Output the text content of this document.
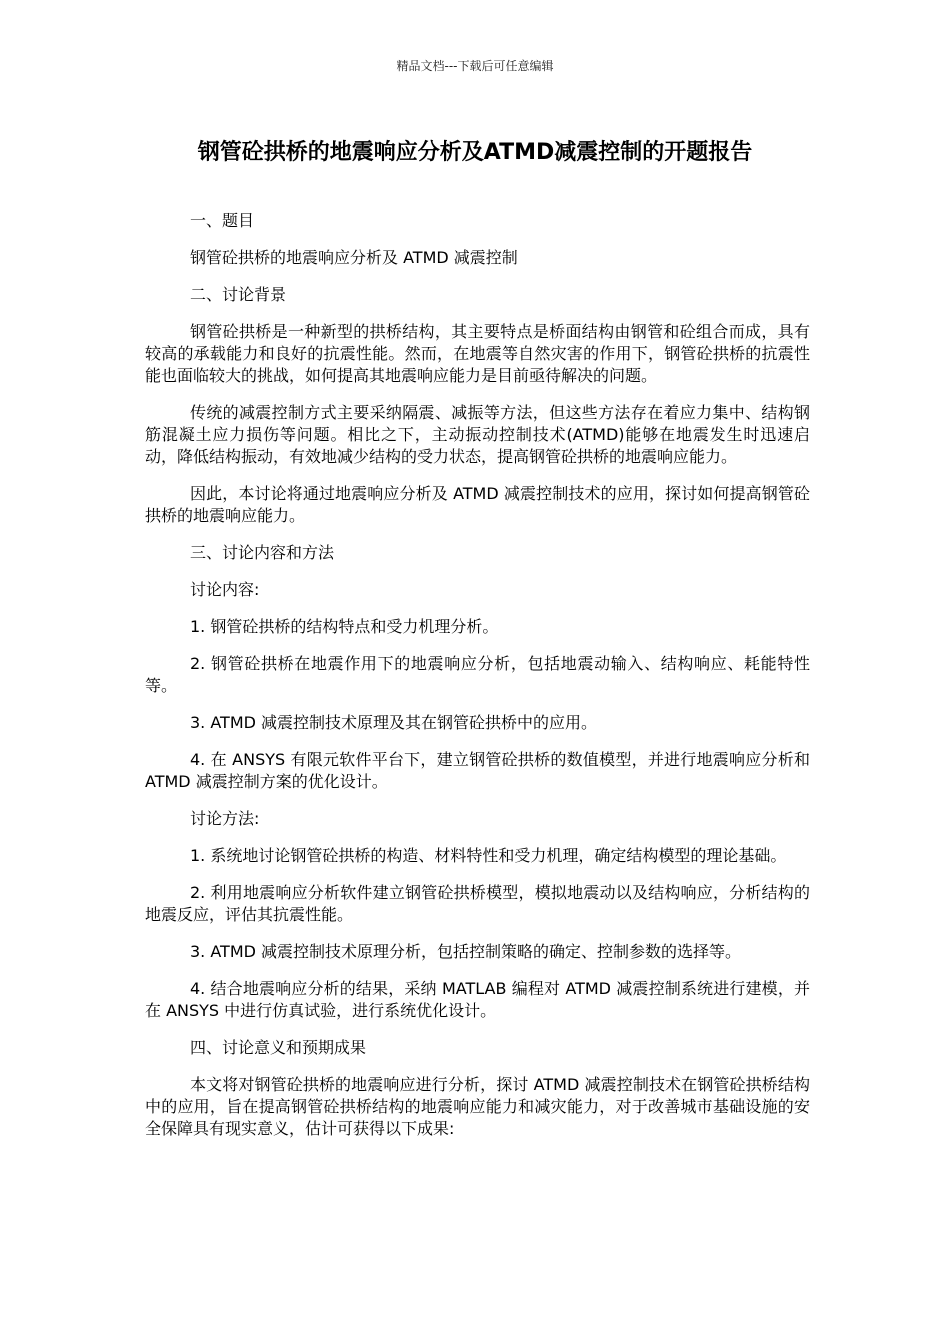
精品文档---下载后可任意编辑
钢管砼拱桥的地震响应分析及ATMD减震控制的开题报告

一、题目

钢管砼拱桥的地震响应分析及 ATMD 减震控制

二、讨论背景

钢管砼拱桥是一种新型的拱桥结构，其主要特点是桥面结构由钢管和砼组合而成，具有较高的承载能力和良好的抗震性能。然而，在地震等自然灾害的作用下，钢管砼拱桥的抗震性能也面临较大的挑战，如何提高其地震响应能力是目前亟待解决的问题。

传统的减震控制方式主要采纳隔震、减振等方法，但这些方法存在着应力集中、结构钢筋混凝土应力损伤等问题。相比之下，主动振动控制技术(ATMD)能够在地震发生时迅速启动，降低结构振动，有效地减少结构的受力状态，提高钢管砼拱桥的地震响应能力。

因此，本讨论将通过地震响应分析及 ATMD 减震控制技术的应用，探讨如何提高钢管砼拱桥的地震响应能力。

三、讨论内容和方法

讨论内容:

1. 钢管砼拱桥的结构特点和受力机理分析。

2. 钢管砼拱桥在地震作用下的地震响应分析，包括地震动输入、结构响应、耗能特性等。

3. ATMD 减震控制技术原理及其在钢管砼拱桥中的应用。

4. 在 ANSYS 有限元软件平台下，建立钢管砼拱桥的数值模型，并进行地震响应分析和 ATMD 减震控制方案的优化设计。

讨论方法:

1. 系统地讨论钢管砼拱桥的构造、材料特性和受力机理，确定结构模型的理论基础。

2. 利用地震响应分析软件建立钢管砼拱桥模型，模拟地震动以及结构响应，分析结构的地震反应，评估其抗震性能。

3. ATMD 减震控制技术原理分析，包括控制策略的确定、控制参数的选择等。

4. 结合地震响应分析的结果，采纳 MATLAB 编程对 ATMD 减震控制系统进行建模，并在 ANSYS 中进行仿真试验，进行系统优化设计。

四、讨论意义和预期成果

本文将对钢管砼拱桥的地震响应进行分析，探讨 ATMD 减震控制技术在钢管砼拱桥结构中的应用，旨在提高钢管砼拱桥结构的地震响应能力和减灾能力，对于改善城市基础设施的安全保障具有现实意义，估计可获得以下成果:
